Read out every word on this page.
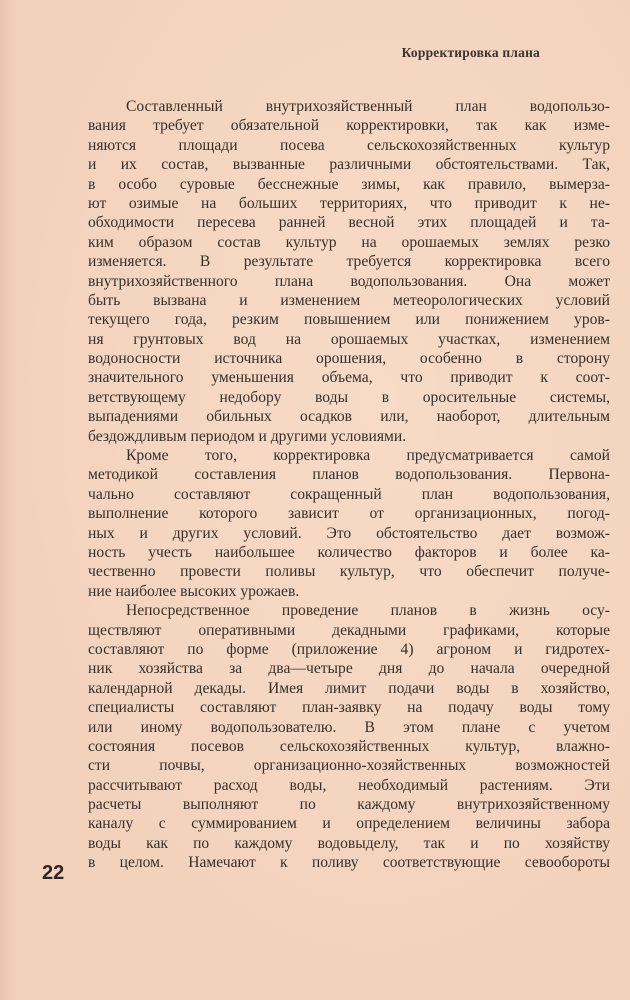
Корректировка плана
Составленный внутрихозяйственный план водопользо-
вания требует обязательной корректировки, так как изме-
няются площади посева сельскохозяйственных культур
и их состав, вызванные различными обстоятельствами. Так,
в особо суровые бесснежные зимы, как правило, вымерза-
ют озимые на больших территориях, что приводит к не-
обходимости пересева ранней весной этих площадей и та-
ким образом состав культур на орошаемых землях резко
изменяется. В результате требуется корректировка всего
внутрихозяйственного плана водопользования. Она может
быть вызвана и изменением метеорологических условий
текущего года, резким повышением или понижением уров-
ня грунтовых вод на орошаемых участках, изменением
водоносности источника орошения, особенно в сторону
значительного уменьшения объема, что приводит к соот-
ветствующему недобору воды в оросительные системы,
выпадениями обильных осадков или, наоборот, длительным
бездождливым периодом и другими условиями.
Кроме того, корректировка предусматривается самой
методикой составления планов водопользования. Первона-
чально составляют сокращенный план водопользования,
выполнение которого зависит от организационных, погод-
ных и других условий. Это обстоятельство дает возмож-
ность учесть наибольшее количество факторов и более ка-
чественно провести поливы культур, что обеспечит получе-
ние наиболее высоких урожаев.
Непосредственное проведение планов в жизнь осу-
ществляют оперативными декадными графиками, которые
составляют по форме (приложение 4) агроном и гидротех-
ник хозяйства за два—четыре дня до начала очередной
календарной декады. Имея лимит подачи воды в хозяйство,
специалисты составляют план-заявку на подачу воды тому
или иному водопользователю. В этом плане с учетом
состояния посевов сельскохозяйственных культур, влажно-
сти почвы, организационно-хозяйственных возможностей
рассчитывают расход воды, необходимый растениям. Эти
расчеты выполняют по каждому внутрихозяйственному
каналу с суммированием и определением величины забора
воды как по каждому водовыделу, так и по хозяйству
в целом. Намечают к поливу соответствующие севообороты
22
